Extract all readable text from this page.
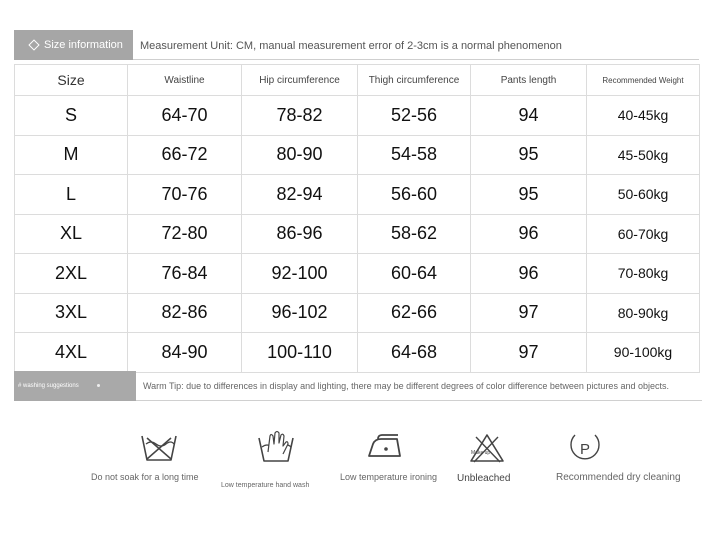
Size information Measurement Unit: CM, manual measurement error of 2-3cm is a normal phenomenon
Size	Waistline	Hip circumference	Thigh circumference	Pants length	Recommended Weight
S	64-70	78-82	52-56	94	40-45kg
M	66-72	80-90	54-58	95	45-50kg
L	70-76	82-94	56-60	95	50-60kg
XL	72-80	86-96	58-62	96	60-70kg
2XL	76-84	92-100	60-64	96	70-80kg
3XL	82-86	96-102	62-66	97	80-90kg
4XL	84-90	100-110	64-68	97	90-100kg
# washing suggestions	Warm Tip: due to differences in display and lighting, there may be different degrees of color difference between pictures and objects.
Do not soak for a long time
Low temperature hand wash
Low temperature ironing
Make up
Unbleached
P
Recommended dry cleaning
